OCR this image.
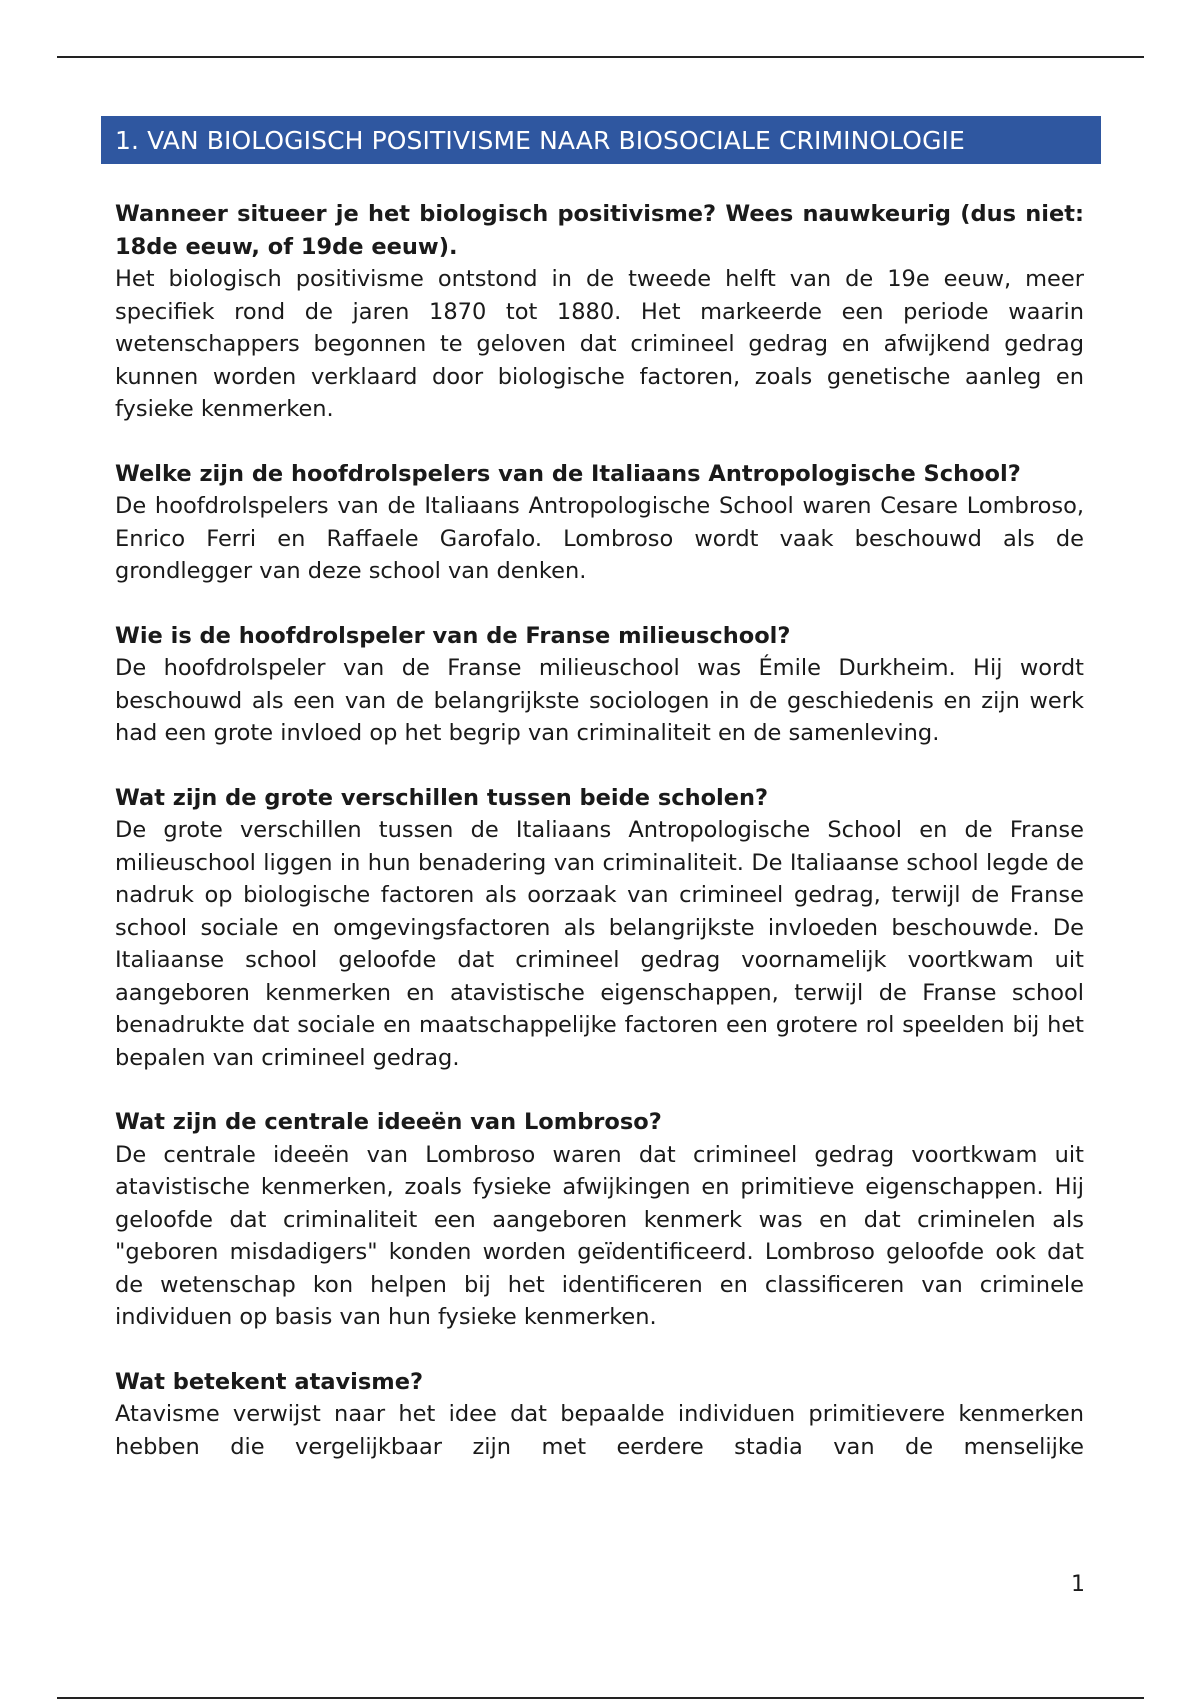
1. VAN BIOLOGISCH POSITIVISME NAAR BIOSOCIALE CRIMINOLOGIE

Wanneer situeer je het biologisch positivisme? Wees nauwkeurig (dus niet: 18de eeuw, of 19de eeuw).

Het biologisch positivisme ontstond in de tweede helft van de 19e eeuw, meer specifiek rond de jaren 1870 tot 1880. Het markeerde een periode waarin wetenschappers begonnen te geloven dat crimineel gedrag en afwijkend gedrag kunnen worden verklaard door biologische factoren, zoals genetische aanleg en fysieke kenmerken.

Welke zijn de hoofdrolspelers van de Italiaans Antropologische School?

De hoofdrolspelers van de Italiaans Antropologische School waren Cesare Lombroso, Enrico Ferri en Raffaele Garofalo. Lombroso wordt vaak beschouwd als de grondlegger van deze school van denken.

Wie is de hoofdrolspeler van de Franse milieuschool?

De hoofdrolspeler van de Franse milieuschool was Émile Durkheim. Hij wordt beschouwd als een van de belangrijkste sociologen in de geschiedenis en zijn werk had een grote invloed op het begrip van criminaliteit en de samenleving.

Wat zijn de grote verschillen tussen beide scholen?

De grote verschillen tussen de Italiaans Antropologische School en de Franse milieuschool liggen in hun benadering van criminaliteit. De Italiaanse school legde de nadruk op biologische factoren als oorzaak van crimineel gedrag, terwijl de Franse school sociale en omgevingsfactoren als belangrijkste invloeden beschouwde. De Italiaanse school geloofde dat crimineel gedrag voornamelijk voortkwam uit aangeboren kenmerken en atavistische eigenschappen, terwijl de Franse school benadrukte dat sociale en maatschappelijke factoren een grotere rol speelden bij het bepalen van crimineel gedrag.

Wat zijn de centrale ideeën van Lombroso?

De centrale ideeën van Lombroso waren dat crimineel gedrag voortkwam uit atavistische kenmerken, zoals fysieke afwijkingen en primitieve eigenschappen. Hij geloofde dat criminaliteit een aangeboren kenmerk was en dat criminelen als "geboren misdadigers" konden worden geïdentificeerd. Lombroso geloofde ook dat de wetenschap kon helpen bij het identificeren en classificeren van criminele individuen op basis van hun fysieke kenmerken.

Wat betekent atavisme?

Atavisme verwijst naar het idee dat bepaalde individuen primitievere kenmerken hebben die vergelijkbaar zijn met eerdere stadia van de menselijke

1
